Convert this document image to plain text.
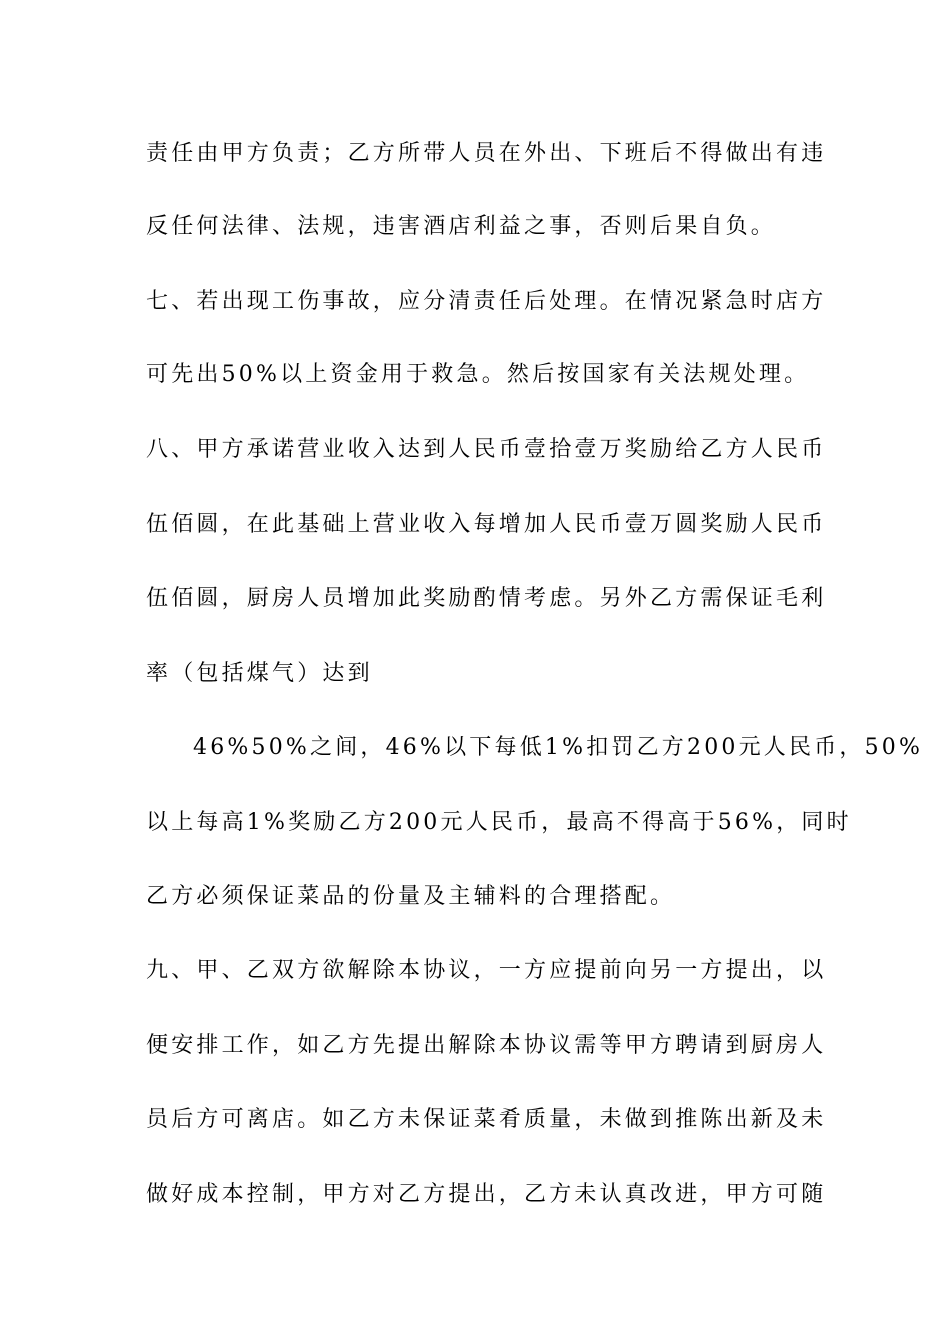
责任由甲方负责；乙方所带人员在外出、下班后不得做出有违
反任何法律、法规，违害酒店利益之事，否则后果自负。
七、若出现工伤事故，应分清责任后处理。在情况紧急时店方
可先出50%以上资金用于救急。然后按国家有关法规处理。
八、甲方承诺营业收入达到人民币壹拾壹万奖励给乙方人民币
伍佰圆，在此基础上营业收入每增加人民币壹万圆奖励人民币
伍佰圆，厨房人员增加此奖励酌情考虑。另外乙方需保证毛利
率（包括煤气）达到
46%50%之间，46%以下每低1%扣罚乙方200元人民币，50%
以上每高1%奖励乙方200元人民币，最高不得高于56%，同时
乙方必须保证菜品的份量及主辅料的合理搭配。
九、甲、乙双方欲解除本协议，一方应提前向另一方提出，以
便安排工作，如乙方先提出解除本协议需等甲方聘请到厨房人
员后方可离店。如乙方未保证菜肴质量，未做到推陈出新及未
做好成本控制，甲方对乙方提出，乙方未认真改进，甲方可随
